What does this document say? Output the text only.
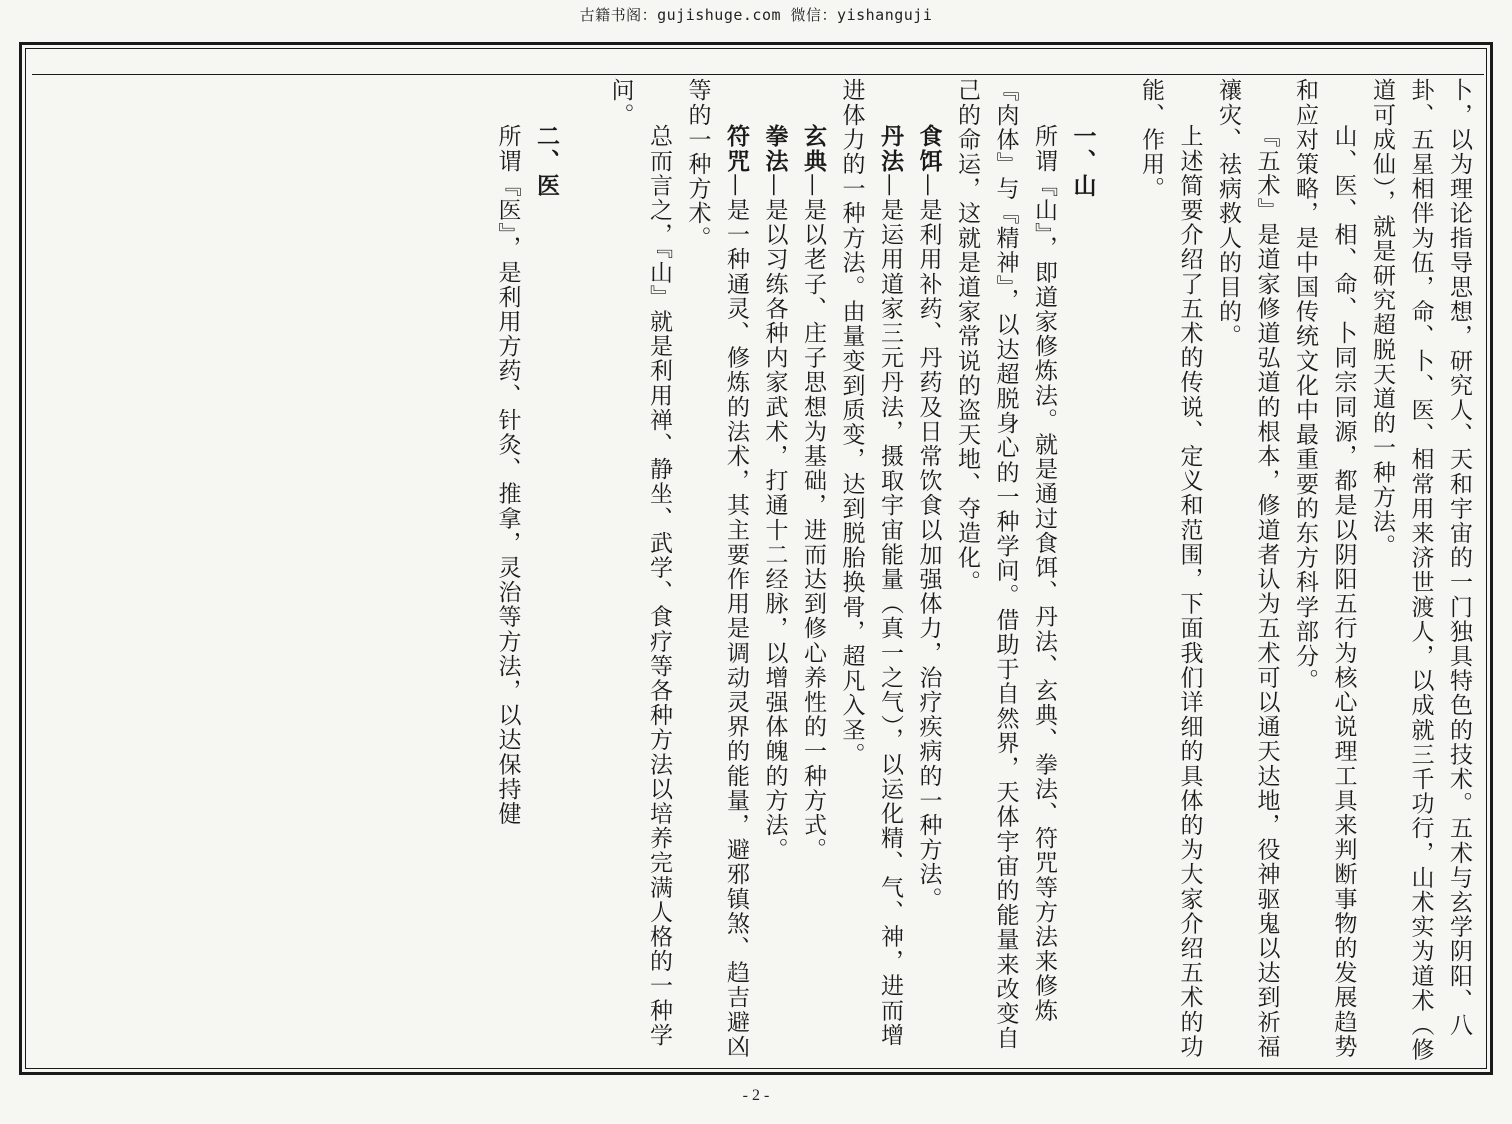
古籍书阁：gujishuge.com 微信：yishanguji

卜，以为理论指导思想，研究人、天和宇宙的一门独具特色的技术。五术与玄学阴阳、八卦、五星相伴为伍，命、卜、医、相常用来济世渡人，以成就三千功行，山术实为道术（修道可成仙），就是研究超脱天道的一种方法。

山、医、相、命、卜同宗同源，都是以阴阳五行为核心说理工具来判断事物的发展趋势和应对策略，是中国传统文化中最重要的东方科学部分。

『五术』是道家修道弘道的根本，修道者认为五术可以通天达地，役神驱鬼以达到祈福禳灾、祛病救人的目的。

上述简要介绍了五术的传说、定义和范围，下面我们详细的具体的为大家介绍五术的功能、作用。

一、山

所谓『山』，即道家修炼法。就是通过食饵、丹法、玄典、拳法、符咒等方法来修炼『肉体』与『精神』，以达超脱身心的一种学问。借助于自然界，天体宇宙的能量来改变自己的命运，这就是道家常说的盗天地、夺造化。

食饵—是利用补药、丹药及日常饮食以加强体力，治疗疾病的一种方法。

丹法—是运用道家三元丹法，摄取宇宙能量（真一之气），以运化精、气、神，进而增进体力的一种方法。由量变到质变，达到脱胎换骨，超凡入圣。

玄典—是以老子、庄子思想为基础，进而达到修心养性的一种方式。

拳法—是以习练各种内家武术，打通十二经脉，以增强体魄的方法。

符咒—是一种通灵、修炼的法术，其主要作用是调动灵界的能量，避邪镇煞、趋吉避凶等的一种方术。

总而言之，『山』就是利用禅、静坐、武学、食疗等各种方法以培养完满人格的一种学问。

二、医

所谓『医』，是利用方药、针灸、推拿，灵治等方法，以达保持健

- 2 -
